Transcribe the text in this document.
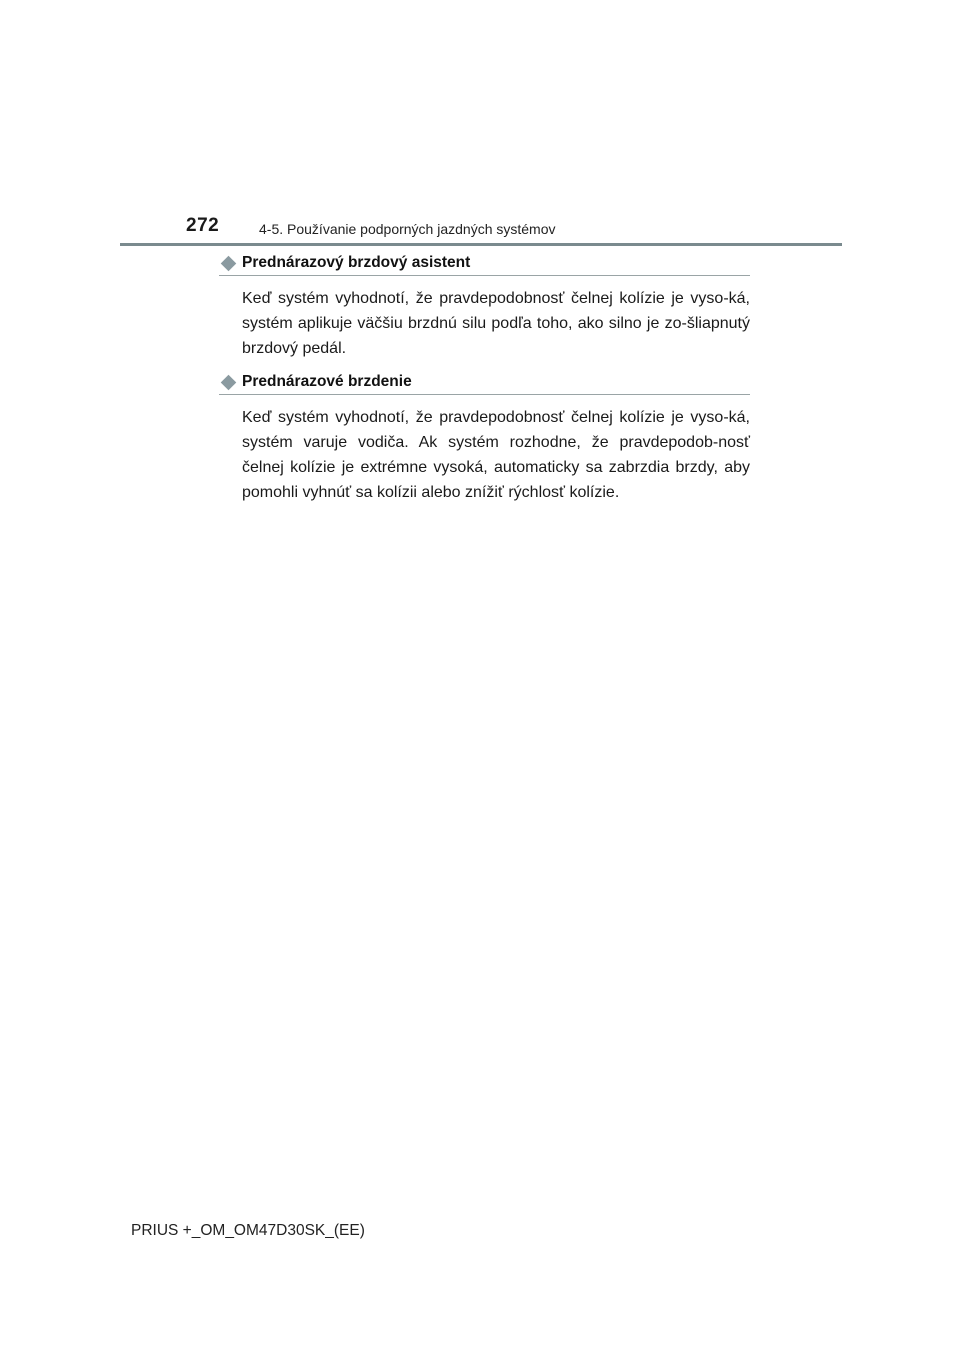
272	4-5. Používanie podporných jazdných systémov
Prednárazový brzdový asistent
Keď systém vyhodnotí, že pravdepodobnosť čelnej kolízie je vyso-ká, systém aplikuje väčšiu brzdnú silu podľa toho, ako silno je zo-šliapnutý brzdový pedál.
Prednárazové brzdenie
Keď systém vyhodnotí, že pravdepodobnosť čelnej kolízie je vyso-ká, systém varuje vodiča. Ak systém rozhodne, že pravdepodob-nosť čelnej kolízie je extrémne vysoká, automaticky sa zabrzdia brzdy, aby pomohli vyhnúť sa kolízii alebo znížiť rýchlosť kolízie.
PRIUS +_OM_OM47D30SK_(EE)
